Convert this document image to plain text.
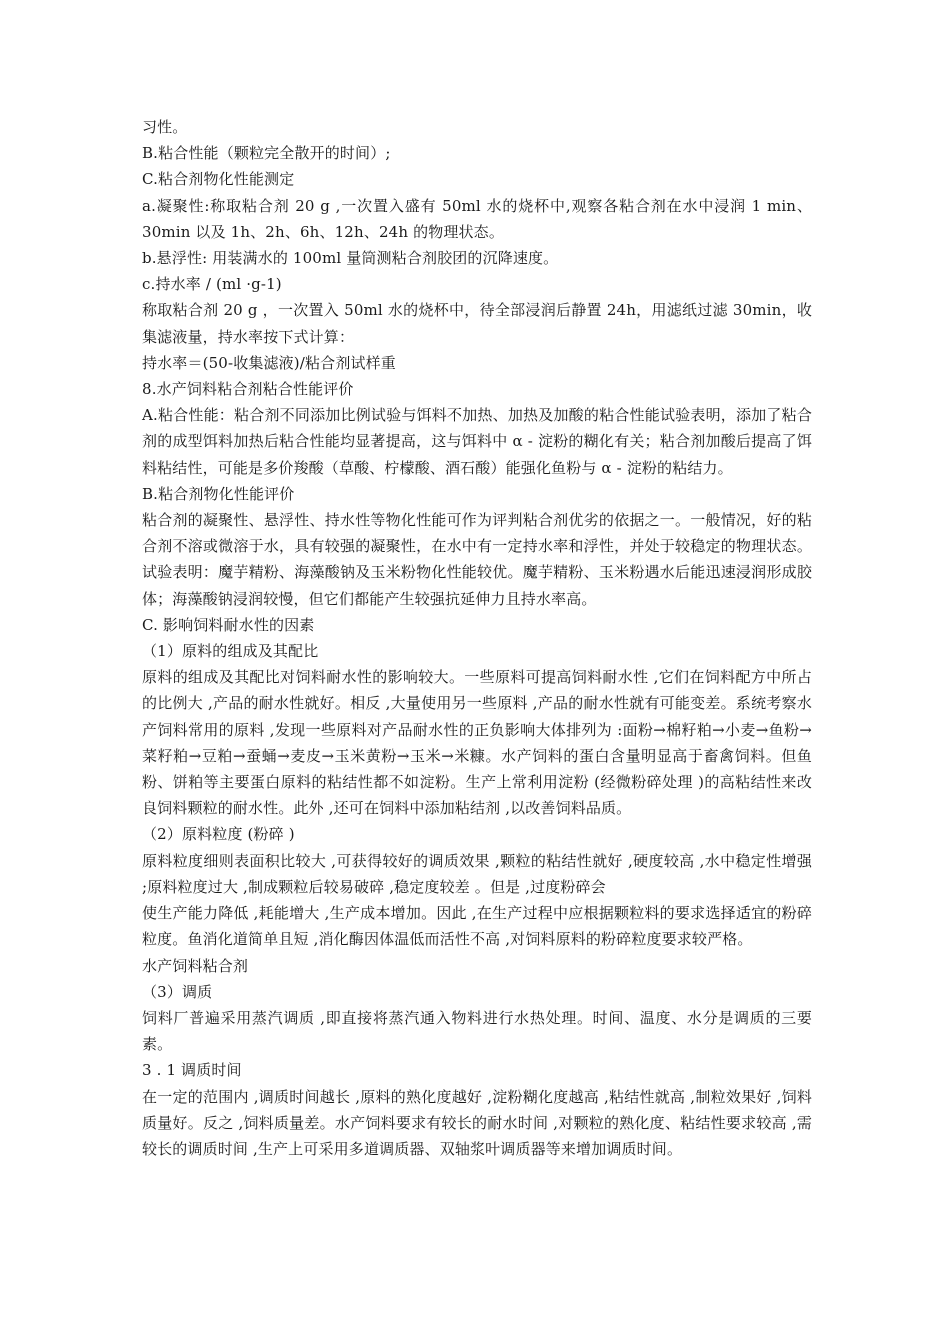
习性。

B.粘合性能（颗粒完全散开的时间）;

C.粘合剂物化性能测定

a.凝聚性:称取粘合剂 20 g ,一次置入盛有 50ml 水的烧杯中,观察各粘合剂在水中浸润 1 min、30min 以及 1h、2h、6h、12h、24h 的物理状态。

b.悬浮性: 用装满水的 100ml 量筒测粘合剂胶团的沉降速度。

c.持水率 / (ml ·g-1)

称取粘合剂 20 g ，一次置入 50ml 水的烧杯中，待全部浸润后静置 24h，用滤纸过滤 30min，收集滤液量，持水率按下式计算：

持水率＝(50-收集滤液)/粘合剂试样重

8.水产饲料粘合剂粘合性能评价

A.粘合性能：粘合剂不同添加比例试验与饵料不加热、加热及加酸的粘合性能试验表明，添加了粘合剂的成型饵料加热后粘合性能均显著提高，这与饵料中 α - 淀粉的糊化有关；粘合剂加酸后提高了饵料粘结性，可能是多价羧酸（草酸、柠檬酸、酒石酸）能强化鱼粉与 α - 淀粉的粘结力。

B.粘合剂物化性能评价

粘合剂的凝聚性、悬浮性、持水性等物化性能可作为评判粘合剂优劣的依据之一。一般情况，好的粘合剂不溶或微溶于水，具有较强的凝聚性，在水中有一定持水率和浮性，并处于较稳定的物理状态。试验表明：魔芋精粉、海藻酸钠及玉米粉物化性能较优。魔芋精粉、玉米粉遇水后能迅速浸润形成胶体；海藻酸钠浸润较慢，但它们都能产生较强抗延伸力且持水率高。

C. 影响饲料耐水性的因素

（1）原料的组成及其配比

原料的组成及其配比对饲料耐水性的影响较大。一些原料可提高饲料耐水性 ,它们在饲料配方中所占的比例大 ,产品的耐水性就好。相反 ,大量使用另一些原料 ,产品的耐水性就有可能变差。系统考察水产饲料常用的原料 ,发现一些原料对产品耐水性的正负影响大体排列为 :面粉→棉籽粕→小麦→鱼粉→菜籽粕→豆粕→蚕蛹→麦皮→玉米黄粉→玉米→米糠。水产饲料的蛋白含量明显高于畜禽饲料。但鱼粉、饼粕等主要蛋白原料的粘结性都不如淀粉。生产上常利用淀粉 (经微粉碎处理 )的高粘结性来改良饲料颗粒的耐水性。此外 ,还可在饲料中添加粘结剂 ,以改善饲料品质。

（2）原料粒度 (粉碎 )

原料粒度细则表面积比较大 ,可获得较好的调质效果 ,颗粒的粘结性就好 ,硬度较高 ,水中稳定性增强 ;原料粒度过大 ,制成颗粒后较易破碎 ,稳定度较差 。但是 ,过度粉碎会

使生产能力降低 ,耗能增大 ,生产成本增加。因此 ,在生产过程中应根据颗粒料的要求选择适宜的粉碎粒度。鱼消化道简单且短 ,消化酶因体温低而活性不高 ,对饲料原料的粉碎粒度要求较严格。

水产饲料粘合剂

（3）调质

饲料厂普遍采用蒸汽调质 ,即直接将蒸汽通入物料进行水热处理。时间、温度、水分是调质的三要素。

3 . 1 调质时间

在一定的范围内 ,调质时间越长 ,原料的熟化度越好 ,淀粉糊化度越高 ,粘结性就高 ,制粒效果好 ,饲料质量好。反之 ,饲料质量差。水产饲料要求有较长的耐水时间 ,对颗粒的熟化度、粘结性要求较高 ,需较长的调质时间 ,生产上可采用多道调质器、双轴浆叶调质器等来增加调质时间。
